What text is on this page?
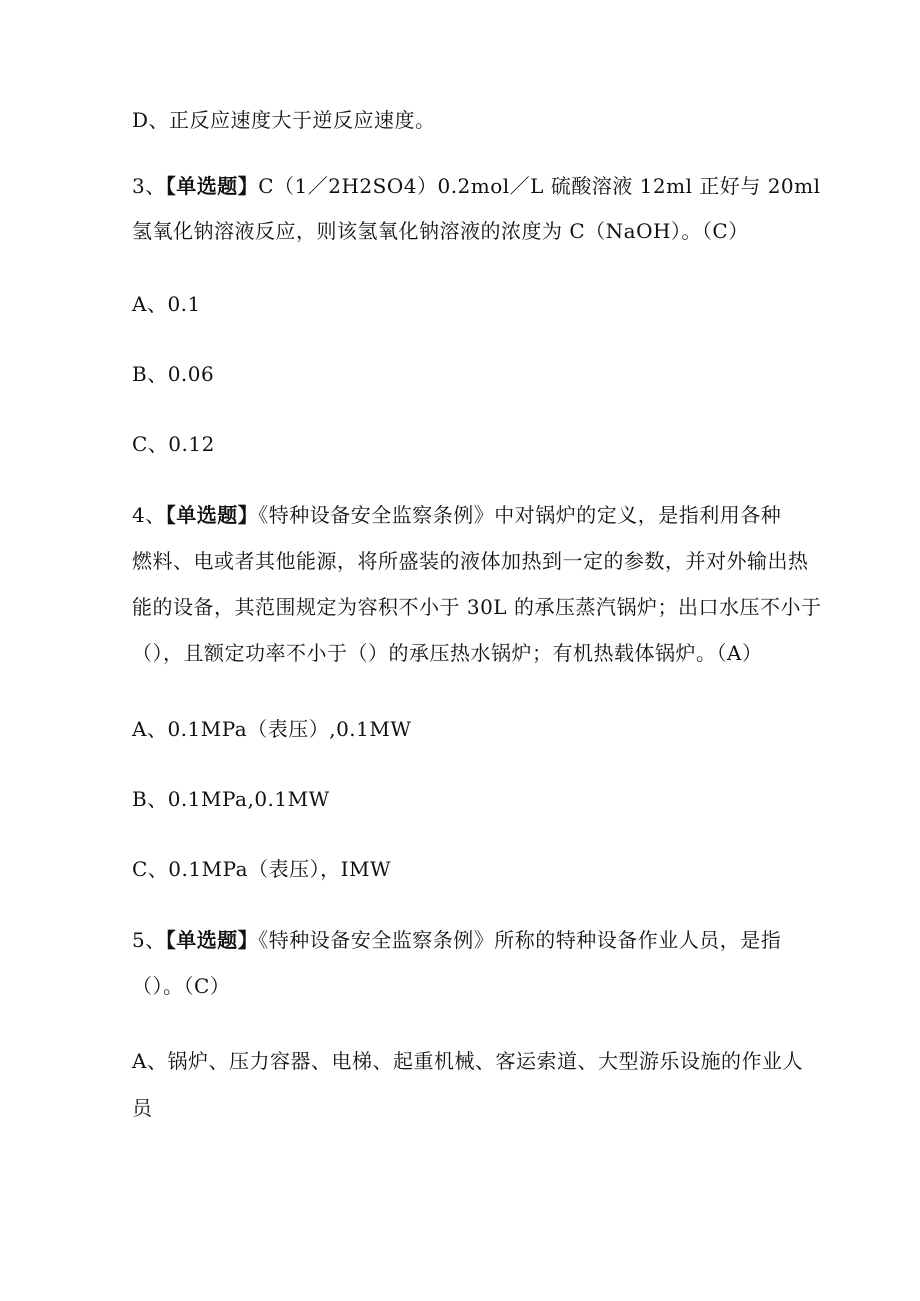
D、正反应速度大于逆反应速度。
3、【单选题】C（1／2H2SO4）0.2mol／L 硫酸溶液 12ml 正好与 20ml
氢氧化钠溶液反应，则该氢氧化钠溶液的浓度为 C（NaOH）。（C）
A、0.1
B、0.06
C、0.12
4、【单选题】《特种设备安全监察条例》中对锅炉的定义，是指利用各种
燃料、电或者其他能源，将所盛装的液体加热到一定的参数，并对外输出热
能的设备，其范围规定为容积不小于 30L 的承压蒸汽锅炉；出口水压不小于
（），且额定功率不小于（）的承压热水锅炉；有机热载体锅炉。（A）
A、0.1MPa（表压）,0.1MW
B、0.1MPa,0.1MW
C、0.1MPa（表压），IMW
5、【单选题】《特种设备安全监察条例》所称的特种设备作业人员，是指
（）。（C）
A、锅炉、压力容器、电梯、起重机械、客运索道、大型游乐设施的作业人
员
